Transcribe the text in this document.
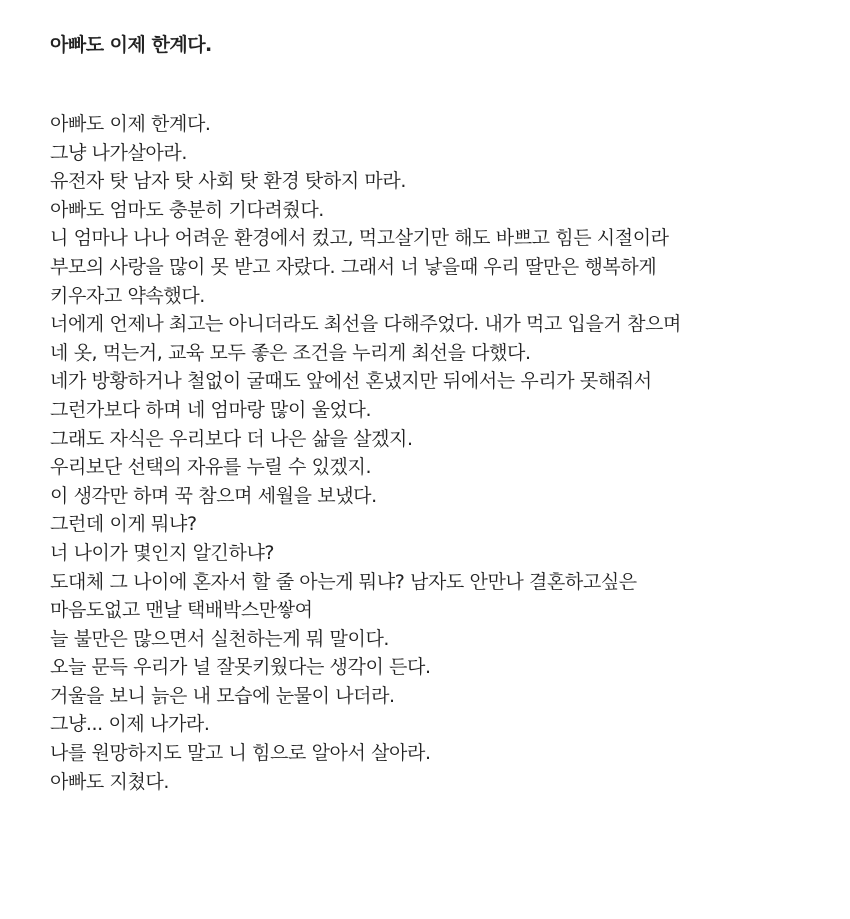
아빠도 이제 한계다.
아빠도 이제 한계다.
그냥 나가살아라.
유전자 탓 남자 탓 사회 탓 환경 탓하지 마라.
아빠도 엄마도 충분히 기다려줬다.
니 엄마나 나나 어려운 환경에서 컸고, 먹고살기만 해도 바쁘고 힘든 시절이라
부모의 사랑을 많이 못 받고 자랐다. 그래서 너 낳을때 우리 딸만은 행복하게
키우자고 약속했다.
너에게 언제나 최고는 아니더라도 최선을 다해주었다. 내가 먹고 입을거 참으며
네 옷, 먹는거, 교육 모두 좋은 조건을 누리게 최선을 다했다.
네가 방황하거나 철없이 굴때도 앞에선 혼냈지만 뒤에서는 우리가 못해줘서
그런가보다 하며 네 엄마랑 많이 울었다.
그래도 자식은 우리보다 더 나은 삶을 살겠지.
우리보단 선택의 자유를 누릴 수 있겠지.
이 생각만 하며 꾹 참으며 세월을 보냈다.
그런데 이게 뭐냐?
너 나이가 몇인지 알긴하냐?
도대체 그 나이에 혼자서 할 줄 아는게 뭐냐? 남자도 안만나 결혼하고싶은
마음도없고 맨날 택배박스만쌓여
늘 불만은 많으면서 실천하는게 뭐 말이다.
오늘 문득 우리가 널 잘못키웠다는 생각이 든다.
거울을 보니 늙은 내 모습에 눈물이 나더라.
그냥... 이제 나가라.
나를 원망하지도 말고 니 힘으로 알아서 살아라.
아빠도 지쳤다.
